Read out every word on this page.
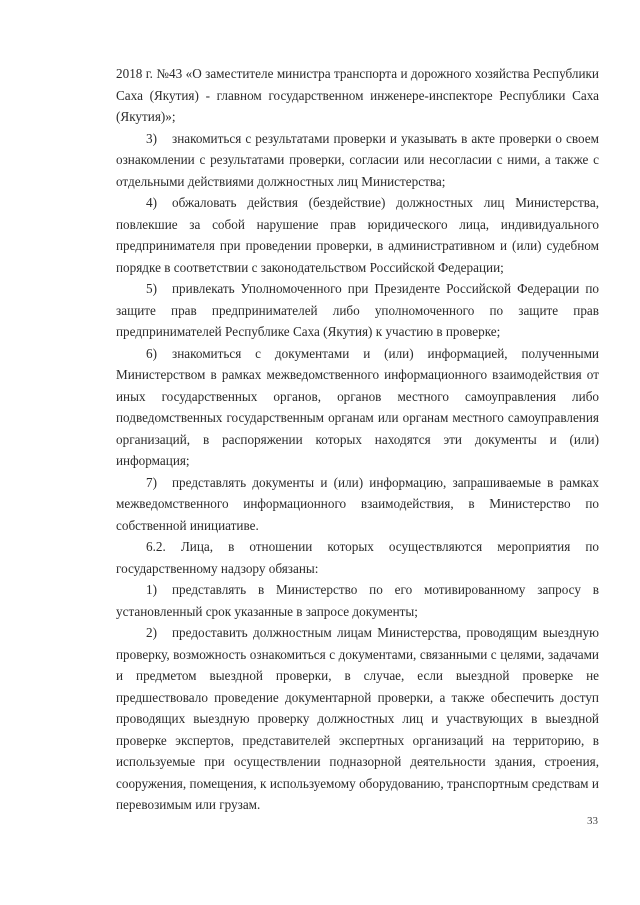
2018 г. №43 «О заместителе министра транспорта и дорожного хозяйства Республики Саха (Якутия) - главном государственном инженере-инспекторе Республики Саха (Якутия)»;

3) знакомиться с результатами проверки и указывать в акте проверки о своем ознакомлении с результатами проверки, согласии или несогласии с ними, а также с отдельными действиями должностных лиц Министерства;

4) обжаловать действия (бездействие) должностных лиц Министерства, повлекшие за собой нарушение прав юридического лица, индивидуального предпринимателя при проведении проверки, в административном и (или) судебном порядке в соответствии с законодательством Российской Федерации;

5) привлекать Уполномоченного при Президенте Российской Федерации по защите прав предпринимателей либо уполномоченного по защите прав предпринимателей Республике Саха (Якутия) к участию в проверке;

6) знакомиться с документами и (или) информацией, полученными Министерством в рамках межведомственного информационного взаимодействия от иных государственных органов, органов местного самоуправления либо подведомственных государственным органам или органам местного самоуправления организаций, в распоряжении которых находятся эти документы и (или) информация;

7) представлять документы и (или) информацию, запрашиваемые в рамках межведомственного информационного взаимодействия, в Министерство по собственной инициативе.

6.2. Лица, в отношении которых осуществляются мероприятия по государственному надзору обязаны:

1) представлять в Министерство по его мотивированному запросу в установленный срок указанные в запросе документы;

2) предоставить должностным лицам Министерства, проводящим выездную проверку, возможность ознакомиться с документами, связанными с целями, задачами и предметом выездной проверки, в случае, если выездной проверке не предшествовало проведение документарной проверки, а также обеспечить доступ проводящих выездную проверку должностных лиц и участвующих в выездной проверке экспертов, представителей экспертных организаций на территорию, в используемые при осуществлении подназорной деятельности здания, строения, сооружения, помещения, к используемому оборудованию, транспортным средствам и перевозимым или грузам.

33
